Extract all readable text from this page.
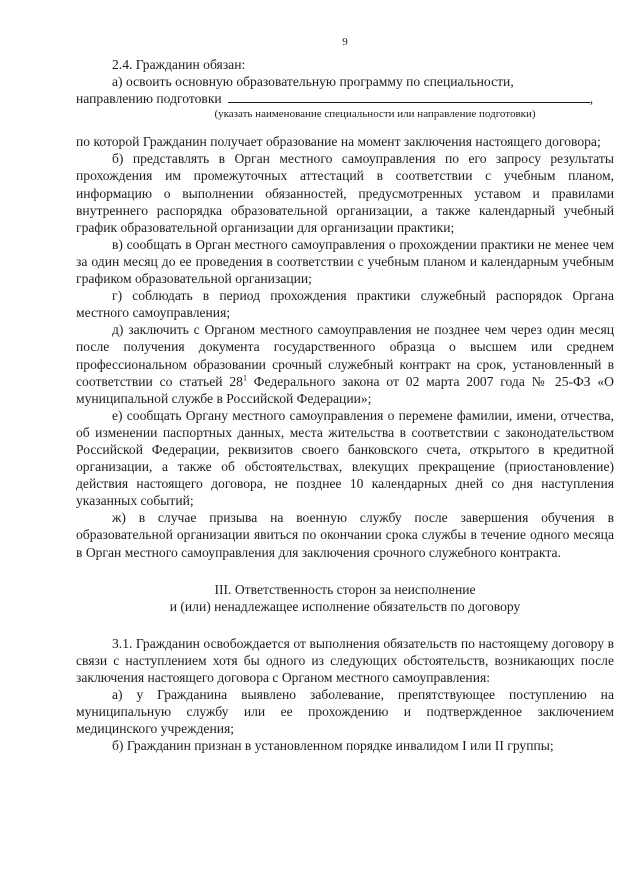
9

2.4. Гражданин обязан:

а) освоить основную образовательную программу по специальности,

направлению подготовки	,

(указать наименование специальности или направление подготовки)

по которой Гражданин получает образование на момент заключения настоящего договора;

б) представлять в Орган местного самоуправления по его запросу результаты прохождения им промежуточных аттестаций в соответствии с учебным планом, информацию о выполнении обязанностей, предусмотренных уставом и правилами внутреннего распорядка образовательной организации, а также календарный учебный график образовательной организации для организации практики;

в) сообщать в Орган местного самоуправления о прохождении практики не менее чем за один месяц до ее проведения в соответствии с учебным планом и календарным учебным графиком образовательной организации;

г) соблюдать в период прохождения практики служебный распорядок Органа местного самоуправления;

д) заключить с Органом местного самоуправления не позднее чем через один месяц после получения документа государственного образца о высшем или среднем профессиональном образовании срочный служебный контракт на срок, установленный в соответствии со статьей $28^1$ Федерального закона от 02 марта 2007 года № 25-ФЗ «О муниципальной службе в Российской Федерации»;

е) сообщать Органу местного самоуправления о перемене фамилии, имени, отчества, об изменении паспортных данных, места жительства в соответствии с законодательством Российской Федерации, реквизитов своего банковского счета, открытого в кредитной организации, а также об обстоятельствах, влекущих прекращение (приостановление) действия настоящего договора, не позднее 10 календарных дней со дня наступления указанных событий;

ж) в случае призыва на военную службу после завершения обучения в образовательной организации явиться по окончании срока службы в течение одного месяца в Орган местного самоуправления для заключения срочного служебного контракта.

III. Ответственность сторон за неисполнение

и (или) ненадлежащее исполнение обязательств по договору

3.1. Гражданин освобождается от выполнения обязательств по настоящему договору в связи с наступлением хотя бы одного из следующих обстоятельств, возникающих после заключения настоящего договора с Органом местного самоуправления:

а) у Гражданина выявлено заболевание, препятствующее поступлению на муниципальную службу или ее прохождению и подтвержденное заключением медицинского учреждения;

б) Гражданин признан в установленном порядке инвалидом I или II группы;
